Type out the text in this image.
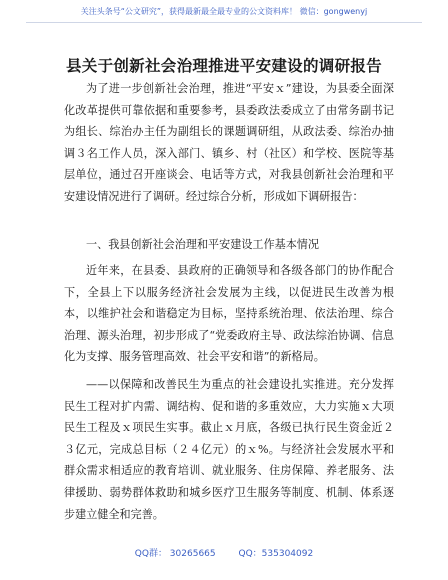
关注头条号“公文研究”，获得最新最全最专业的公文资料库！ 微信：gongwenyj
县关于创新社会治理推进平安建设的调研报告

为了进一步创新社会治理，推进“平安ｘ”建设，为县委全面深化改革提供可靠依据和重要参考，县委政法委成立了由常务副书记为组长、综治办主任为副组长的课题调研组，从政法委、综治办抽调３名工作人员，深入部门、镇乡、村（社区）和学校、医院等基层单位，通过召开座谈会、电话等方式，对我县创新社会治理和平安建设情况进行了调研。经过综合分析，形成如下调研报告：

一、我县创新社会治理和平安建设工作基本情况

近年来，在县委、县政府的正确领导和各级各部门的协作配合下，全县上下以服务经济社会发展为主线，以促进民生改善为根本，以维护社会和谐稳定为目标，坚持系统治理、依法治理、综合治理、源头治理，初步形成了“党委政府主导、政法综治协调、信息化为支撑、服务管理高效、社会平安和谐”的新格局。

——以保障和改善民生为重点的社会建设扎实推进。充分发挥民生工程对扩内需、调结构、促和谐的多重效应，大力实施ｘ大项民生工程及ｘ项民生实事。截止ｘ月底，各级已执行民生资金近２３亿元，完成总目标（２４亿元）的ｘ%。与经济社会发展水平和群众需求相适应的教育培训、就业服务、住房保障、养老服务、法律援助、弱势群体救助和城乡医疗卫生服务等制度、机制、体系逐步建立健全和完善。

QQ群： 30265665	QQ：535304092
